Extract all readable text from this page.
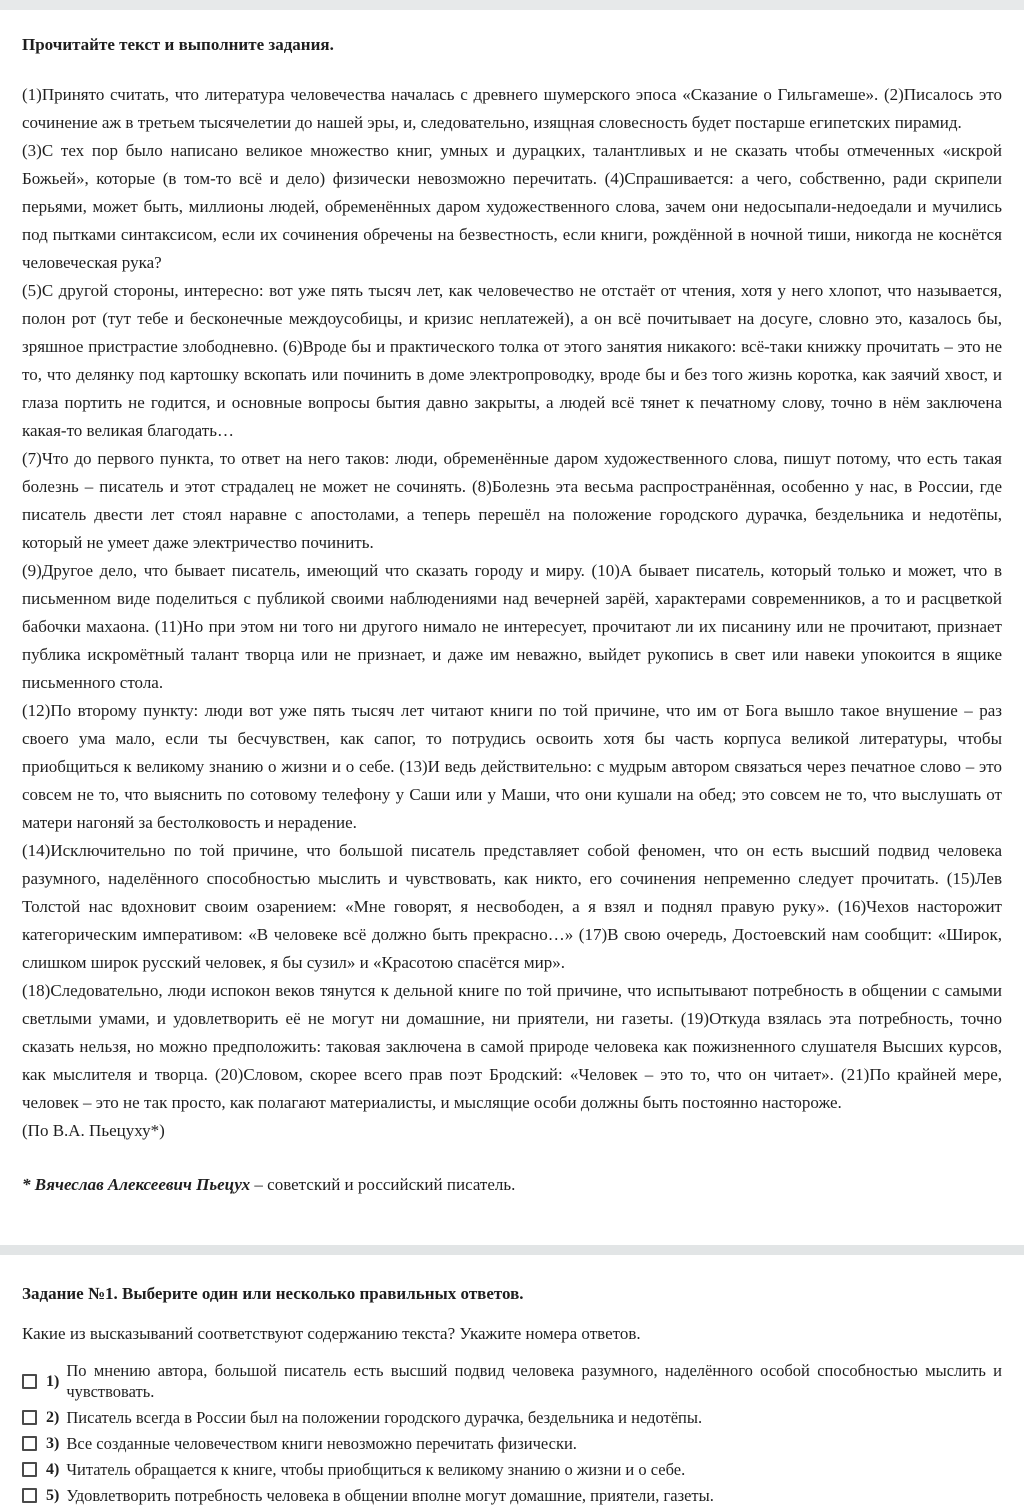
Прочитайте текст и выполните задания.

(1)Принято считать, что литература человечества началась с древнего шумерского эпоса «Сказание о Гильгамеше». (2)Писалось это сочинение аж в третьем тысячелетии до нашей эры, и, следовательно, изящная словесность будет постарше египетских пирамид.

(3)С тех пор было написано великое множество книг, умных и дурацких, талантливых и не сказать чтобы отмеченных «искрой Божьей», которые (в том-то всё и дело) физически невозможно перечитать. (4)Спрашивается: а чего, собственно, ради скрипели перьями, может быть, миллионы людей, обременённых даром художественного слова, зачем они недосыпали-недоедали и мучились под пытками синтаксисом, если их сочинения обречены на безвестность, если книги, рождённой в ночной тиши, никогда не коснётся человеческая рука?

(5)С другой стороны, интересно: вот уже пять тысяч лет, как человечество не отстаёт от чтения, хотя у него хлопот, что называется, полон рот (тут тебе и бесконечные междоусобицы, и кризис неплатежей), а он всё почитывает на досуге, словно это, казалось бы, зряшное пристрастие злободневно. (6)Вроде бы и практического толка от этого занятия никакого: всё-таки книжку прочитать – это не то, что делянку под картошку вскопать или починить в доме электропроводку, вроде бы и без того жизнь коротка, как заячий хвост, и глаза портить не годится, и основные вопросы бытия давно закрыты, а людей всё тянет к печатному слову, точно в нём заключена какая-то великая благодать…

(7)Что до первого пункта, то ответ на него таков: люди, обременённые даром художественного слова, пишут потому, что есть такая болезнь – писатель и этот страдалец не может не сочинять. (8)Болезнь эта весьма распространённая, особенно у нас, в России, где писатель двести лет стоял наравне с апостолами, а теперь перешёл на положение городского дурачка, бездельника и недотёпы, который не умеет даже электричество починить.

(9)Другое дело, что бывает писатель, имеющий что сказать городу и миру. (10)А бывает писатель, который только и может, что в письменном виде поделиться с публикой своими наблюдениями над вечерней зарёй, характерами современников, а то и расцветкой бабочки махаона. (11)Но при этом ни того ни другого нимало не интересует, прочитают ли их писанину или не прочитают, признает публика искромётный талант творца или не признает, и даже им неважно, выйдет рукопись в свет или навеки упокоится в ящике письменного стола.

(12)По второму пункту: люди вот уже пять тысяч лет читают книги по той причине, что им от Бога вышло такое внушение – раз своего ума мало, если ты бесчувствен, как сапог, то потрудись освоить хотя бы часть корпуса великой литературы, чтобы приобщиться к великому знанию о жизни и о себе. (13)И ведь действительно: с мудрым автором связаться через печатное слово – это совсем не то, что выяснить по сотовому телефону у Саши или у Маши, что они кушали на обед; это совсем не то, что выслушать от матери нагоняй за бестолковость и нерадение.

(14)Исключительно по той причине, что большой писатель представляет собой феномен, что он есть высший подвид человека разумного, наделённого способностью мыслить и чувствовать, как никто, его сочинения непременно следует прочитать. (15)Лев Толстой нас вдохновит своим озарением: «Мне говорят, я несвободен, а я взял и поднял правую руку». (16)Чехов насторожит категорическим императивом: «В человеке всё должно быть прекрасно…» (17)В свою очередь, Достоевский нам сообщит: «Широк, слишком широк русский человек, я бы сузил» и «Красотою спасётся мир».

(18)Следовательно, люди испокон веков тянутся к дельной книге по той причине, что испытывают потребность в общении с самыми светлыми умами, и удовлетворить её не могут ни домашние, ни приятели, ни газеты. (19)Откуда взялась эта потребность, точно сказать нельзя, но можно предположить: таковая заключена в самой природе человека как пожизненного слушателя Высших курсов, как мыслителя и творца. (20)Словом, скорее всего прав поэт Бродский: «Человек – это то, что он читает». (21)По крайней мере, человек – это не так просто, как полагают материалисты, и мыслящие особи должны быть постоянно настороже.

(По В.А. Пьецуху*)

* Вячеслав Алексеевич Пьецух – советский и российский писатель.

Задание №1. Выберите один или несколько правильных ответов.

Какие из высказываний соответствуют содержанию текста? Укажите номера ответов.

1)
По мнению автора, большой писатель есть высший подвид человека разумного, наделённого особой способностью мыслить и чувствовать.
2) Писатель всегда в России был на положении городского дурачка, бездельника и недотёпы.
3) Все созданные человечеством книги невозможно перечитать физически.
4) Читатель обращается к книге, чтобы приобщиться к великому знанию о жизни и о себе.
5) Удовлетворить потребность человека в общении вполне могут домашние, приятели, газеты.
